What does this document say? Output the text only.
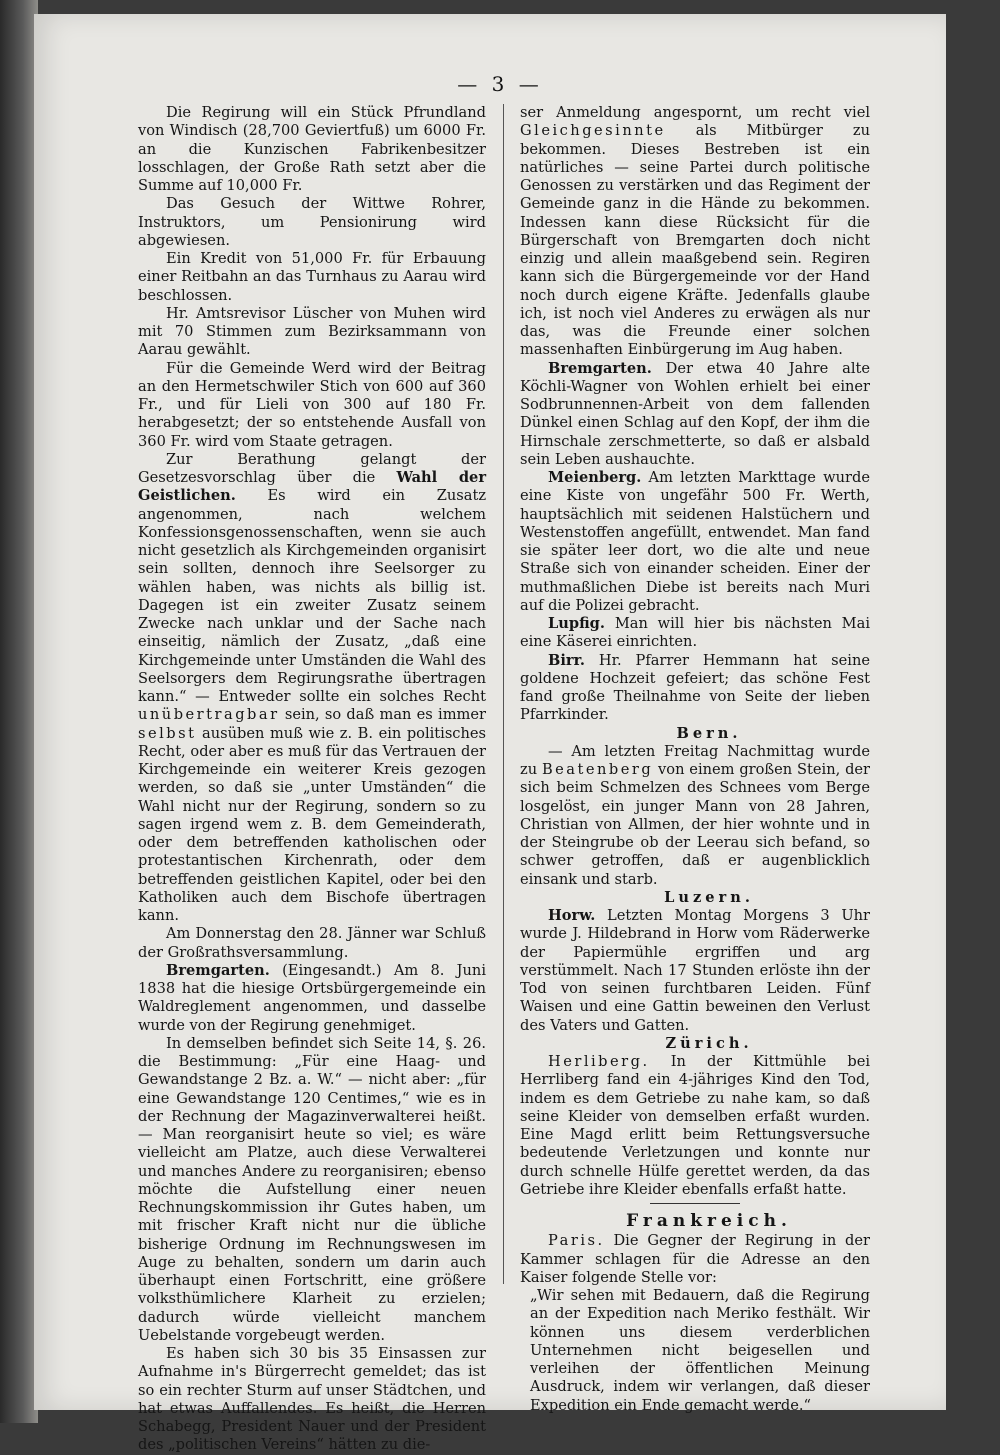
— 3 —

Die Regirung will ein Stück Pfrundland von Windisch (28,700 Geviertfuß) um 6000 Fr. an die Kunzischen Fabrikenbesitzer losschlagen, der Große Rath setzt aber die Summe auf 10,000 Fr.

Das Gesuch der Wittwe Rohrer, Instruktors, um Pensionirung wird abgewiesen.

Ein Kredit von 51,000 Fr. für Erbauung einer Reitbahn an das Turnhaus zu Aarau wird beschlossen.

Hr. Amtsrevisor Lüscher von Muhen wird mit 70 Stimmen zum Bezirksammann von Aarau gewählt.

Für die Gemeinde Werd wird der Beitrag an den Hermetschwiler Stich von 600 auf 360 Fr., und für Lieli von 300 auf 180 Fr. herabgesetzt; der so entstehende Ausfall von 360 Fr. wird vom Staate getragen.

Zur Berathung gelangt der Gesetzesvorschlag über die Wahl der Geistlichen. Es wird ein Zusatz angenommen, nach welchem Konfessionsgenossenschaften, wenn sie auch nicht gesetzlich als Kirchgemeinden organisirt sein sollten, dennoch ihre Seelsorger zu wählen haben, was nichts als billig ist. Dagegen ist ein zweiter Zusatz seinem Zwecke nach unklar und der Sache nach einseitig, nämlich der Zusatz, „daß eine Kirchgemeinde unter Umständen die Wahl des Seelsorgers dem Regirungsrathe übertragen kann.“ — Entweder sollte ein solches Recht unübertragbar sein, so daß man es immer selbst ausüben muß wie z. B. ein politisches Recht, oder aber es muß für das Vertrauen der Kirchgemeinde ein weiterer Kreis gezogen werden, so daß sie „unter Umständen“ die Wahl nicht nur der Regirung, sondern so zu sagen irgend wem z. B. dem Gemeinderath, oder dem betreffenden katholischen oder protestantischen Kirchenrath, oder dem betreffenden geistlichen Kapitel, oder bei den Katholiken auch dem Bischofe übertragen kann.

Am Donnerstag den 28. Jänner war Schluß der Großrathsversammlung.

Bremgarten. (Eingesandt.) Am 8. Juni 1838 hat die hiesige Ortsbürgergemeinde ein Waldreglement angenommen, und dasselbe wurde von der Regirung genehmiget.

In demselben befindet sich Seite 14, §. 26. die Bestimmung: „Für eine Haag- und Gewandstange 2 Bz. a. W.“ — nicht aber: „für eine Gewandstange 120 Centimes,“ wie es in der Rechnung der Magazinverwalterei heißt. — Man reorganisirt heute so viel; es wäre vielleicht am Platze, auch diese Verwalterei und manches Andere zu reorganisiren; ebenso möchte die Aufstellung einer neuen Rechnungskommission ihr Gutes haben, um mit frischer Kraft nicht nur die übliche bisherige Ordnung im Rechnungswesen im Auge zu behalten, sondern um darin auch überhaupt einen Fortschritt, eine größere volksthümlichere Klarheit zu erzielen; dadurch würde vielleicht manchem Uebelstande vorgebeugt werden.

Es haben sich 30 bis 35 Einsassen zur Aufnahme in's Bürgerrecht gemeldet; das ist so ein rechter Sturm auf unser Städtchen, und hat etwas Auffallendes. Es heißt, die Herren Schabegg, President Nauer und der President des „politischen Vereins“ hätten zu die-

ser Anmeldung angespornt, um recht viel Gleichgesinnte als Mitbürger zu bekommen. Dieses Bestreben ist ein natürliches — seine Partei durch politische Genossen zu verstärken und das Regiment der Gemeinde ganz in die Hände zu bekommen. Indessen kann diese Rücksicht für die Bürgerschaft von Bremgarten doch nicht einzig und allein maaßgebend sein. Regiren kann sich die Bürgergemeinde vor der Hand noch durch eigene Kräfte. Jedenfalls glaube ich, ist noch viel Anderes zu erwägen als nur das, was die Freunde einer solchen massenhaften Einbürgerung im Aug haben.

Bremgarten. Der etwa 40 Jahre alte Köchli-Wagner von Wohlen erhielt bei einer Sodbrunnennen-Arbeit von dem fallenden Dünkel einen Schlag auf den Kopf, der ihm die Hirnschale zerschmetterte, so daß er alsbald sein Leben aushauchte.

Meienberg. Am letzten Markttage wurde eine Kiste von ungefähr 500 Fr. Werth, hauptsächlich mit seidenen Halstüchern und Westenstoffen angefüllt, entwendet. Man fand sie später leer dort, wo die alte und neue Straße sich von einander scheiden. Einer der muthmaßlichen Diebe ist bereits nach Muri auf die Polizei gebracht.

Lupfig. Man will hier bis nächsten Mai eine Käserei einrichten.

Birr. Hr. Pfarrer Hemmann hat seine goldene Hochzeit gefeiert; das schöne Fest fand große Theilnahme von Seite der lieben Pfarrkinder.

Bern.

— Am letzten Freitag Nachmittag wurde zu Beatenberg von einem großen Stein, der sich beim Schmelzen des Schnees vom Berge losgelöst, ein junger Mann von 28 Jahren, Christian von Allmen, der hier wohnte und in der Steingrube ob der Leerau sich befand, so schwer getroffen, daß er augenblicklich einsank und starb.

Luzern.

Horw. Letzten Montag Morgens 3 Uhr wurde J. Hildebrand in Horw vom Räderwerke der Papiermühle ergriffen und arg verstümmelt. Nach 17 Stunden erlöste ihn der Tod von seinen furchtbaren Leiden. Fünf Waisen und eine Gattin beweinen den Verlust des Vaters und Gatten.

Zürich.

Herliberg. In der Kittmühle bei Herrliberg fand ein 4-jähriges Kind den Tod, indem es dem Getriebe zu nahe kam, so daß seine Kleider von demselben erfaßt wurden. Eine Magd erlitt beim Rettungsversuche bedeutende Verletzungen und konnte nur durch schnelle Hülfe gerettet werden, da das Getriebe ihre Kleider ebenfalls erfaßt hatte.

Frankreich.

Paris. Die Gegner der Regirung in der Kammer schlagen für die Adresse an den Kaiser folgende Stelle vor:

„Wir sehen mit Bedauern, daß die Regirung an der Expedition nach Meriko festhält. Wir können uns diesem verderblichen Unternehmen nicht beigesellen und verleihen der öffentlichen Meinung Ausdruck, indem wir verlangen, daß dieser Expedition ein Ende gemacht werde.“
